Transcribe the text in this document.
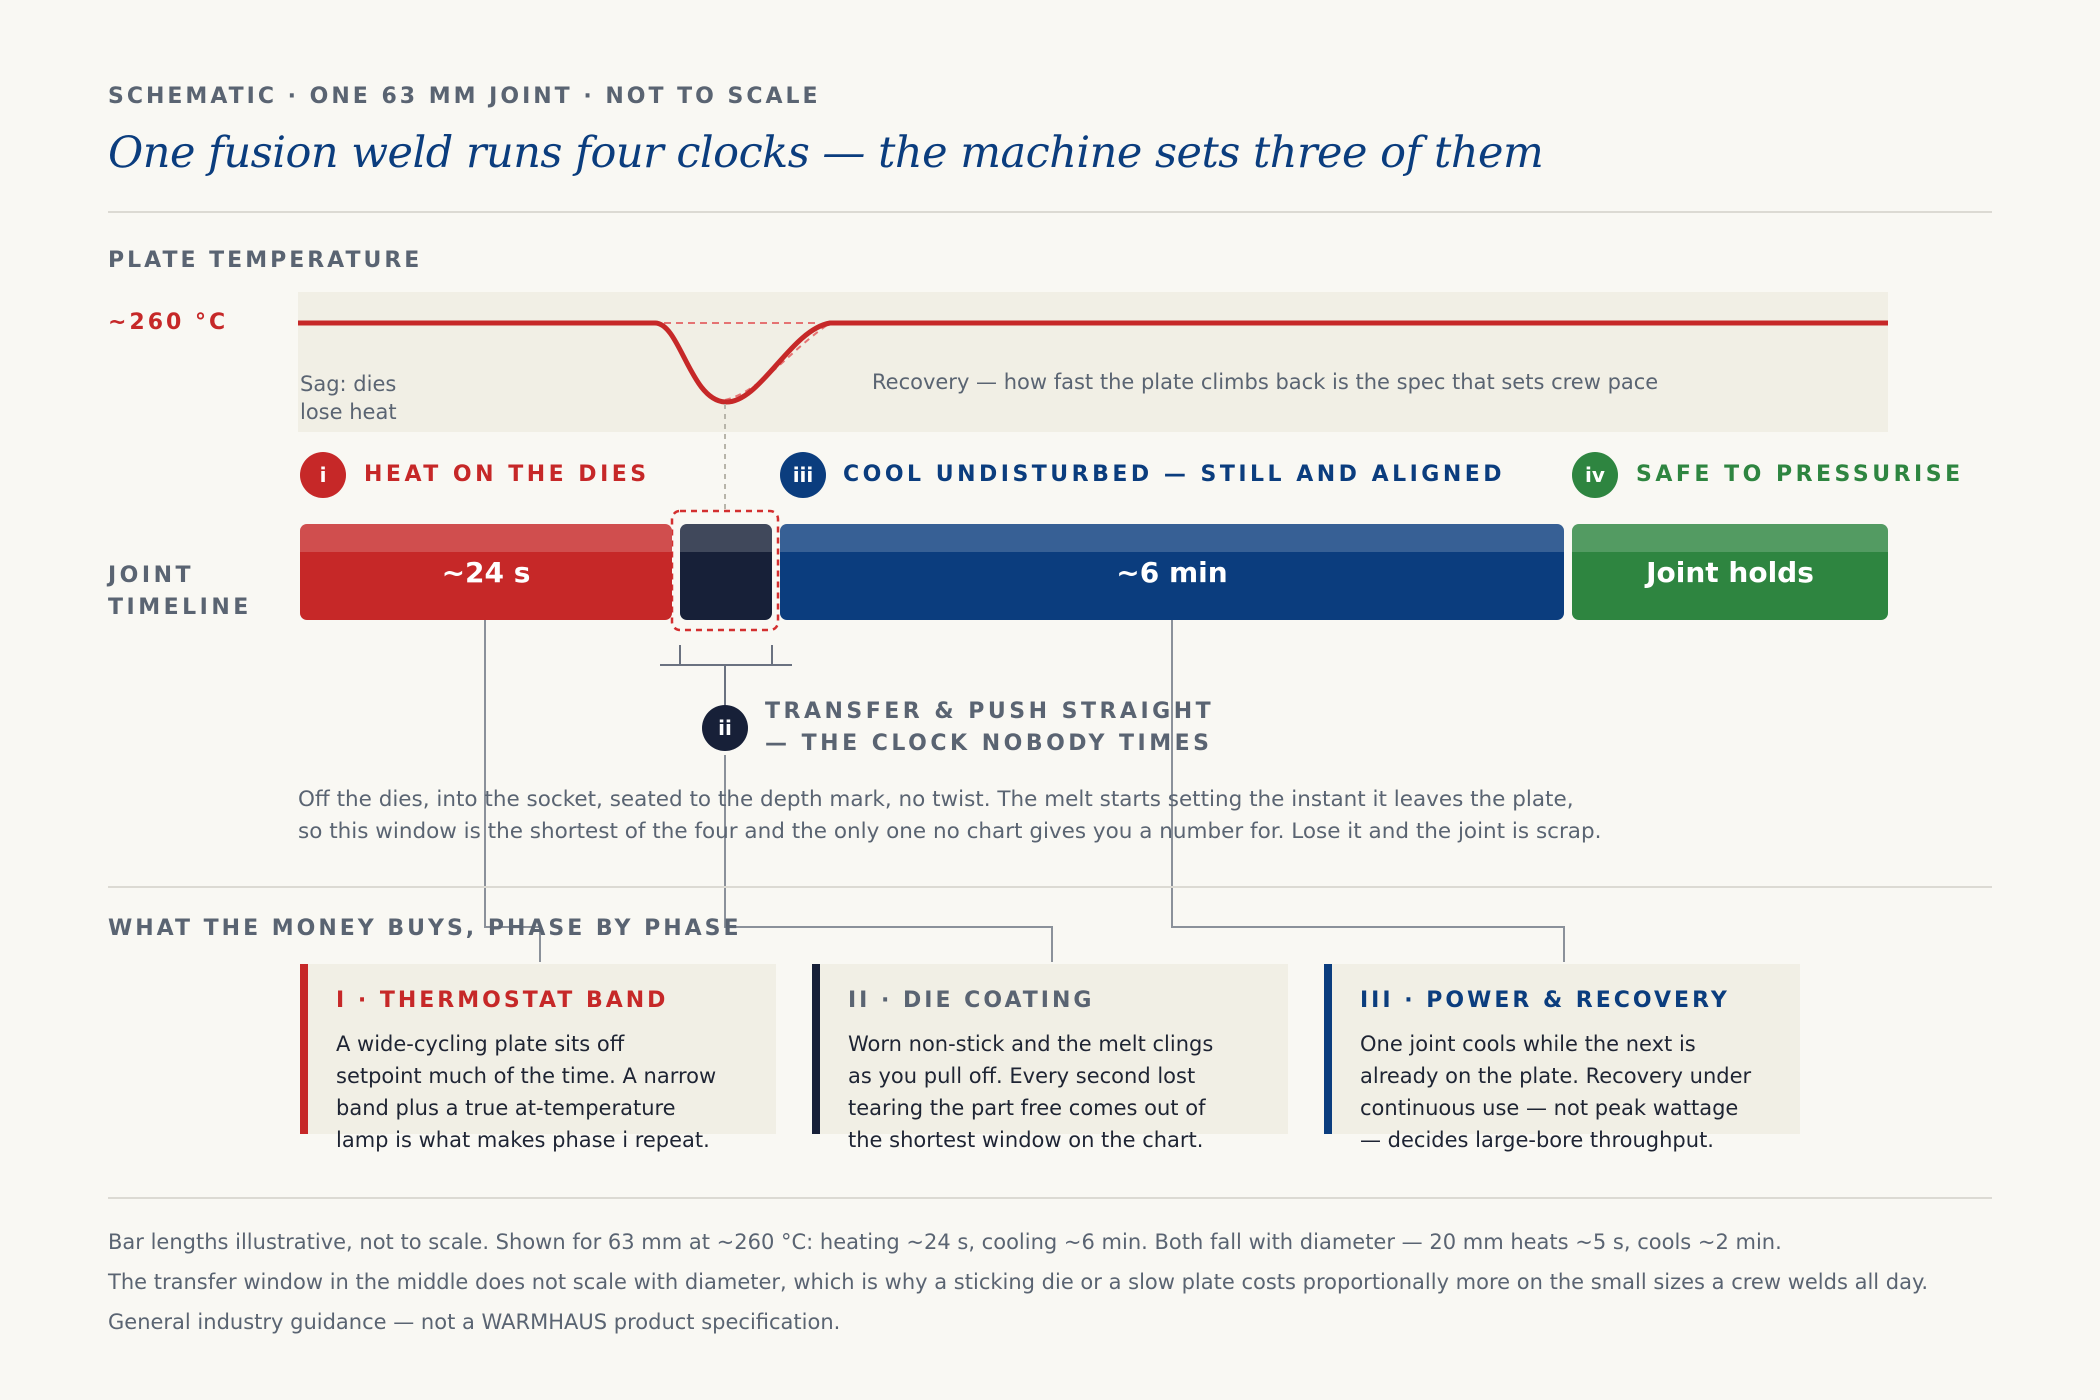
SCHEMATIC · ONE 63 MM JOINT · NOT TO SCALE
One fusion weld runs four clocks — the machine sets three of them
PLATE TEMPERATURE
~260 °C
Sag: dies
lose heat
Recovery — how fast the plate climbs back is the spec that sets crew pace
i	HEAT ON THE DIES	iii	COOL UNDISTURBED — STILL AND ALIGNED	iv	SAFE TO PRESSURISE
JOINT
TIMELINE
~24 s	~6 min	Joint holds
ii
TRANSFER & PUSH STRAIGHT
— THE CLOCK NOBODY TIMES
Off the dies, into the socket, seated to the depth mark, no twist. The melt starts setting the instant it leaves the plate,
so this window is the shortest of the four and the only one no chart gives you a number for. Lose it and the joint is scrap.
WHAT THE MONEY BUYS, PHASE BY PHASE
I · THERMOSTAT BAND
A wide-cycling plate sits off
setpoint much of the time. A narrow
band plus a true at-temperature
lamp is what makes phase i repeat.
II · DIE COATING
Worn non-stick and the melt clings
as you pull off. Every second lost
tearing the part free comes out of
the shortest window on the chart.
III · POWER & RECOVERY
One joint cools while the next is
already on the plate. Recovery under
continuous use — not peak wattage
— decides large-bore throughput.
Bar lengths illustrative, not to scale. Shown for 63 mm at ~260 °C: heating ~24 s, cooling ~6 min. Both fall with diameter — 20 mm heats ~5 s, cools ~2 min.
The transfer window in the middle does not scale with diameter, which is why a sticking die or a slow plate costs proportionally more on the small sizes a crew welds all day.
General industry guidance — not a WARMHAUS product specification.
